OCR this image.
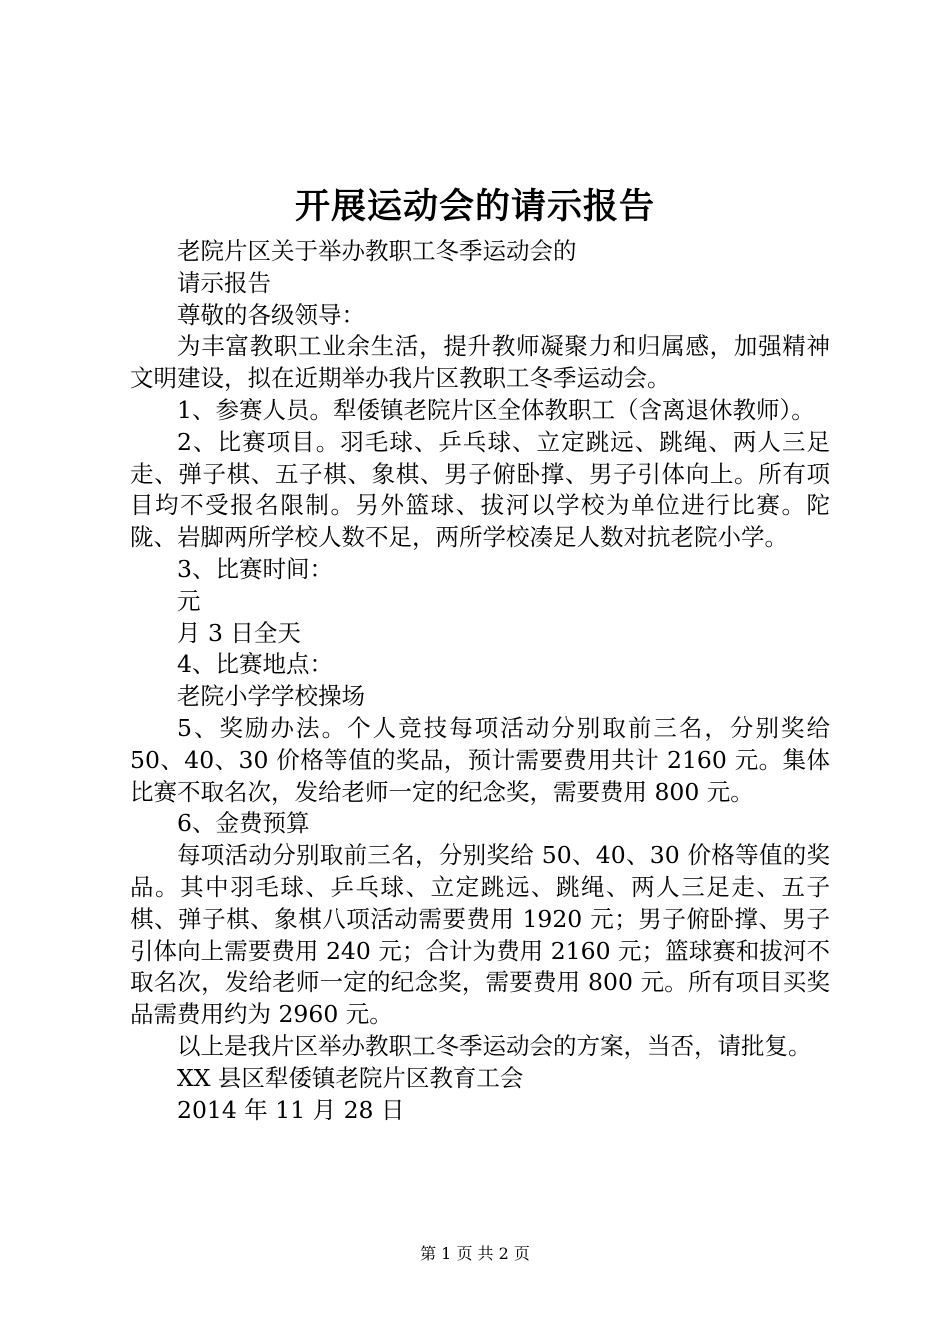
开展运动会的请示报告

老院片区关于举办教职工冬季运动会的

请示报告

尊敬的各级领导：

为丰富教职工业余生活，提升教师凝聚力和归属感，加强精神文明建设，拟在近期举办我片区教职工冬季运动会。

1、参赛人员。犁倭镇老院片区全体教职工（含离退休教师）。

2、比赛项目。羽毛球、乒乓球、立定跳远、跳绳、两人三足走、弹子棋、五子棋、象棋、男子俯卧撑、男子引体向上。所有项目均不受报名限制。另外篮球、拔河以学校为单位进行比赛。陀陇、岩脚两所学校人数不足，两所学校凑足人数对抗老院小学。

3、比赛时间：

元

月 3 日全天

4、比赛地点：

老院小学学校操场

5、奖励办法。个人竞技每项活动分别取前三名，分别奖给 50、40、30 价格等值的奖品，预计需要费用共计 2160 元。集体比赛不取名次，发给老师一定的纪念奖，需要费用 800 元。

6、金费预算

每项活动分别取前三名，分别奖给 50、40、30 价格等值的奖品。其中羽毛球、乒乓球、立定跳远、跳绳、两人三足走、五子棋、弹子棋、象棋八项活动需要费用 1920 元；男子俯卧撑、男子引体向上需要费用 240 元；合计为费用 2160 元；篮球赛和拔河不取名次，发给老师一定的纪念奖，需要费用 800 元。所有项目买奖品需费用约为 2960 元。

以上是我片区举办教职工冬季运动会的方案，当否，请批复。

XX 县区犁倭镇老院片区教育工会

2014 年 11 月 28 日

第 1 页 共 2 页
